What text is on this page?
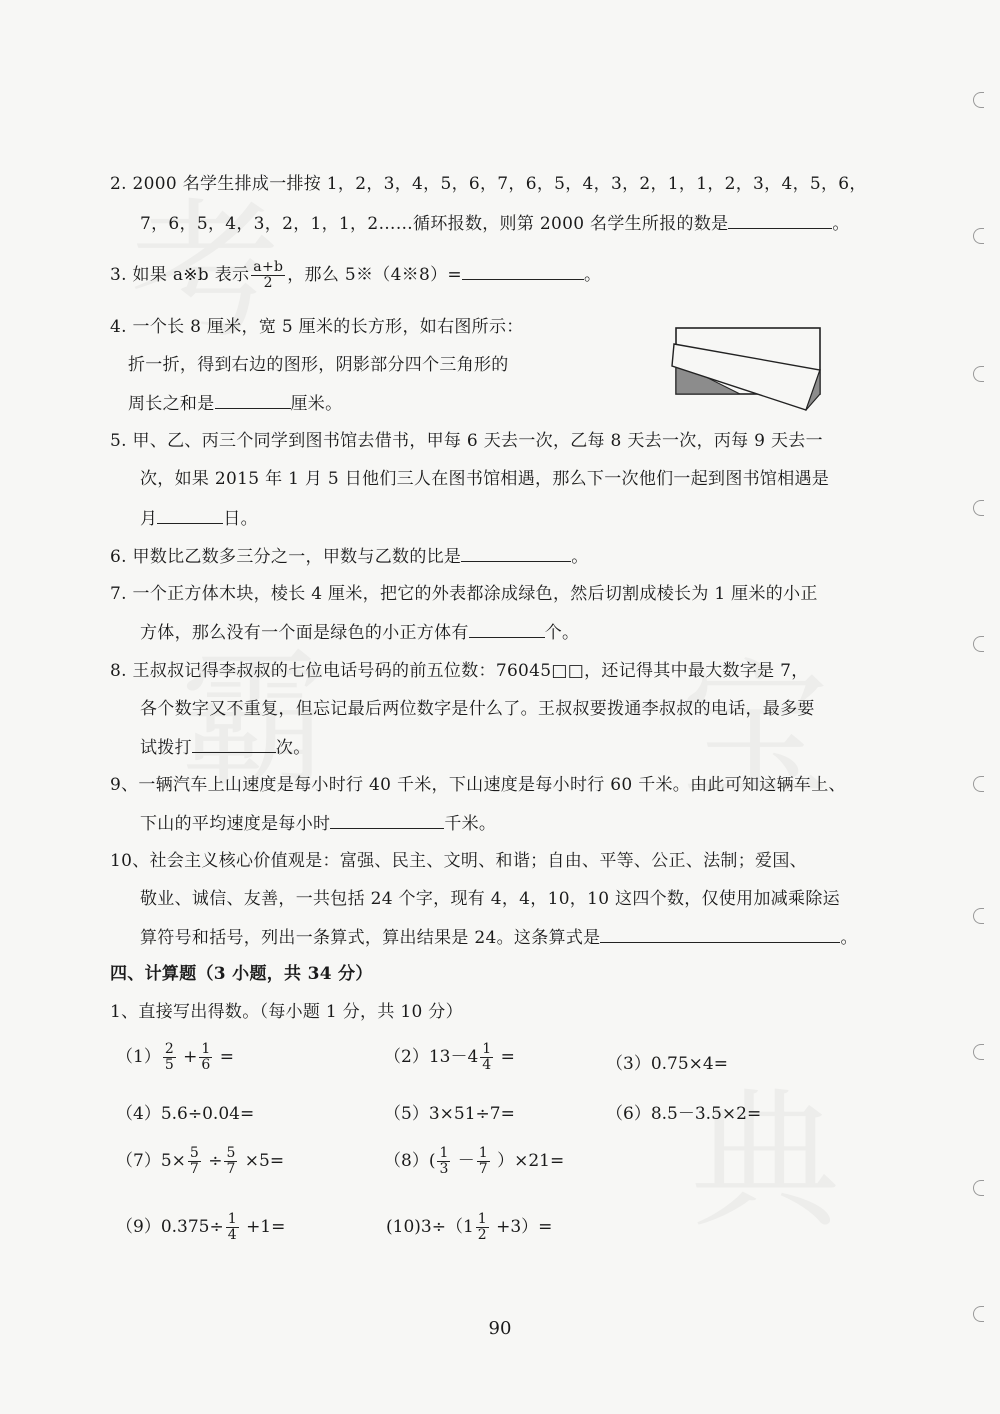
2. 2000 名学生排成一排按 1，2，3，4，5，6，7，6，5，4，3，2，1，1，2，3，4，5，6，
7，6，5，4，3，2，1，1，2……循环报数，则第 2000 名学生所报的数是	。
3. 如果 a※b 表示 $\frac{a+b}{2}$ ，那么 5※（4※8）=	。
4. 一个长 8 厘米，宽 5 厘米的长方形，如右图所示：
折一折，得到右边的图形，阴影部分四个三角形的
周长之和是	厘米。
5. 甲、乙、丙三个同学到图书馆去借书，甲每 6 天去一次，乙每 8 天去一次，丙每 9 天去一
次，如果 2015 年 1 月 5 日他们三人在图书馆相遇，那么下一次他们一起到图书馆相遇是
月	日。
6. 甲数比乙数多三分之一，甲数与乙数的比是	。
7. 一个正方体木块，棱长 4 厘米，把它的外表都涂成绿色，然后切割成棱长为 1 厘米的小正
方体，那么没有一个面是绿色的小正方体有	个。
8. 王叔叔记得李叔叔的七位电话号码的前五位数：76045□□，还记得其中最大数字是 7，
各个数字又不重复，但忘记最后两位数字是什么了。王叔叔要拨通李叔叔的电话，最多要
试拨打	次。
9、一辆汽车上山速度是每小时行 40 千米，下山速度是每小时行 60 千米。由此可知这辆车上、
下山的平均速度是每小时	千米。
10、社会主义核心价值观是：富强、民主、文明、和谐；自由、平等、公正、法制；爱国、
敬业、诚信、友善，一共包括 24 个字，现有 4，4，10，10 这四个数，仅使用加减乘除运
算符号和括号，列出一条算式，算出结果是 24。这条算式是	。
四、计算题（3 小题，共 34 分）
1、直接写出得数。（每小题 1 分，共 10 分）
$(1) \frac{2}{5} + \frac{1}{6}$ =	$(2)13-4 \frac{1}{4}$ =	（3）0.75×4=
（4）5.6÷0.04=	（5）3×51÷7=	（6）8.5－3.5×2=
$(7)5\times \frac{5}{7} \div \frac{5}{7} \times 5=$	$(8)( \frac{1}{3} - \frac{1}{7} )\times 21=$
$(9)0.375\div \frac{1}{4} +1=$	$(10)3\div(1 \frac{1}{2} +3)=$
90
